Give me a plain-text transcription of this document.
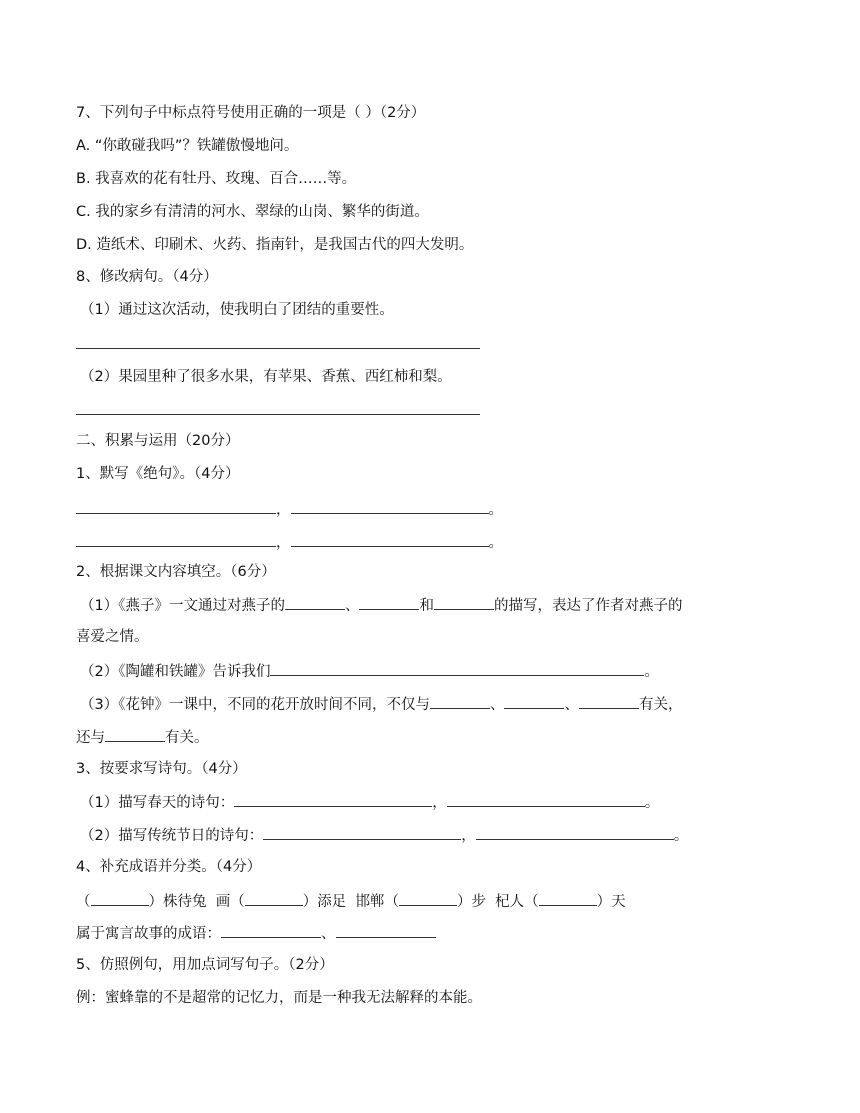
7、下列句子中标点符号使用正确的一项是（ ）（2分）
A. “你敢碰我吗”？铁罐傲慢地问。
B. 我喜欢的花有牡丹、玫瑰、百合……等。
C. 我的家乡有清清的河水、翠绿的山岗、繁华的街道。
D. 造纸术、印刷术、火药、指南针，是我国古代的四大发明。
8、修改病句。（4分）
（1）通过这次活动，使我明白了团结的重要性。
（2）果园里种了很多水果，有苹果、香蕉、西红柿和梨。
二、积累与运用（20分）
1、默写《绝句》。（4分）
，	。
，	。
2、根据课文内容填空。（6分）
（1）《燕子》一文通过对燕子的	、	和	的描写，表达了作者对燕子的
喜爱之情。
（2）《陶罐和铁罐》告诉我们	。
（3）《花钟》一课中，不同的花开放时间不同，不仅与	、	、	有关，
还与	有关。
3、按要求写诗句。（4分）
（1）描写春天的诗句：	，	。
（2）描写传统节日的诗句：	，	。
4、补充成语并分类。（4分）
（	）株待兔 画（	）添足 邯郸（	）步 杞人（	）天
属于寓言故事的成语：	、
5、仿照例句，用加点词写句子。（2分）
例：蜜蜂靠的不是超常的记忆力，而是一种我无法解释的本能。
